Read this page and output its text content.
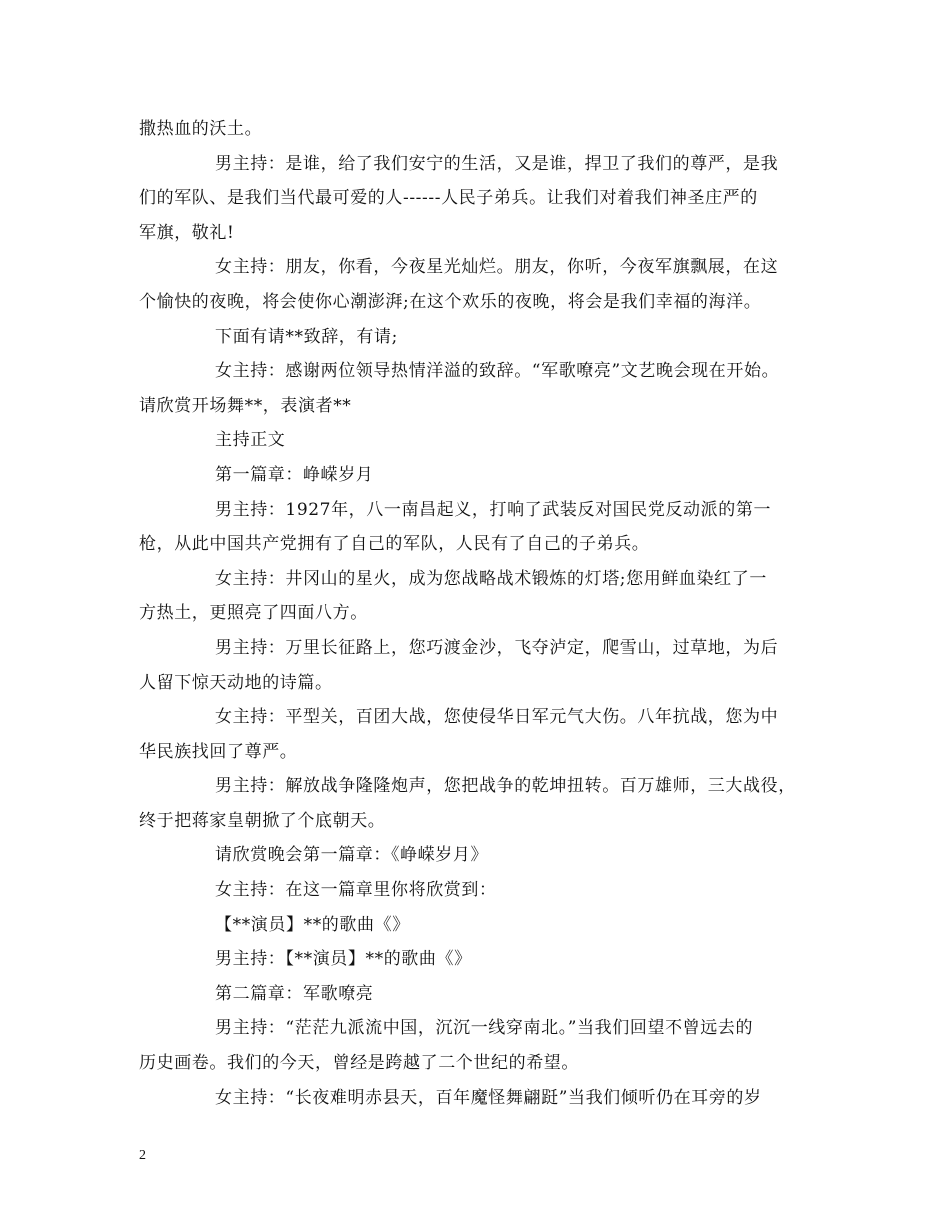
撒热血的沃土。
男主持：是谁，给了我们安宁的生活，又是谁，捍卫了我们的尊严，是我
们的军队、是我们当代最可爱的人------人民子弟兵。让我们对着我们神圣庄严的
军旗，敬礼!
女主持：朋友，你看，今夜星光灿烂。朋友，你听，今夜军旗飘展，在这
个愉快的夜晚，将会使你心潮澎湃;在这个欢乐的夜晚，将会是我们幸福的海洋。
下面有请**致辞，有请;
女主持：感谢两位领导热情洋溢的致辞。“军歌嘹亮”文艺晚会现在开始。
请欣赏开场舞**，表演者**
主持正文
第一篇章：峥嵘岁月
男主持：1927年，八一南昌起义，打响了武装反对国民党反动派的第一
枪，从此中国共产党拥有了自己的军队，人民有了自己的子弟兵。
女主持：井冈山的星火，成为您战略战术锻炼的灯塔;您用鲜血染红了一
方热土，更照亮了四面八方。
男主持：万里长征路上，您巧渡金沙，飞夺泸定，爬雪山，过草地，为后
人留下惊天动地的诗篇。
女主持：平型关，百团大战，您使侵华日军元气大伤。八年抗战，您为中
华民族找回了尊严。
男主持：解放战争隆隆炮声，您把战争的乾坤扭转。百万雄师，三大战役，
终于把蒋家皇朝掀了个底朝天。
请欣赏晚会第一篇章：《峥嵘岁月》
女主持：在这一篇章里你将欣赏到：
【**演员】**的歌曲《》
男主持：【**演员】**的歌曲《》
第二篇章：军歌嘹亮
男主持：“茫茫九派流中国，沉沉一线穿南北。”当我们回望不曾远去的
历史画卷。我们的今天，曾经是跨越了二个世纪的希望。
女主持：“长夜难明赤县天，百年魔怪舞翩跹”当我们倾听仍在耳旁的岁
2
